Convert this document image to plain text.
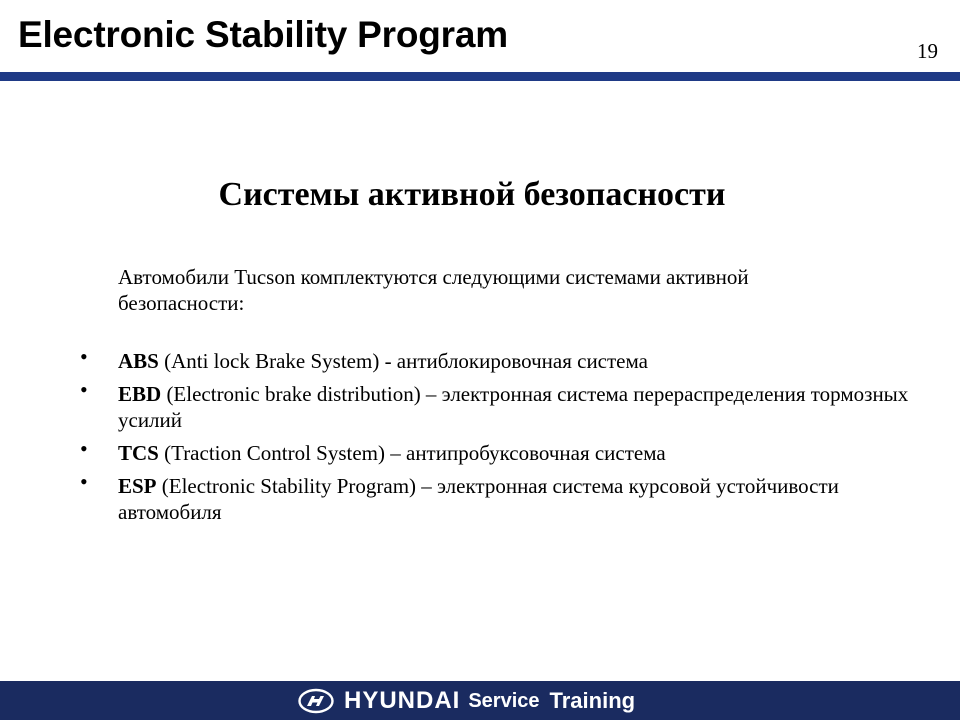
Electronic Stability Program	19
Системы активной безопасности
Автомобили Tucson комплектуются следующими системами активной безопасности:
• ABS (Anti lock Brake System) - антиблокировочная система
• EBD (Electronic brake distribution) – электронная система перераспределения тормозных усилий
• TCS (Traction Control System) – антипробуксовочная система
• ESP (Electronic Stability Program) – электронная система курсовой устойчивости автомобиля
HYUNDAI Service Training
